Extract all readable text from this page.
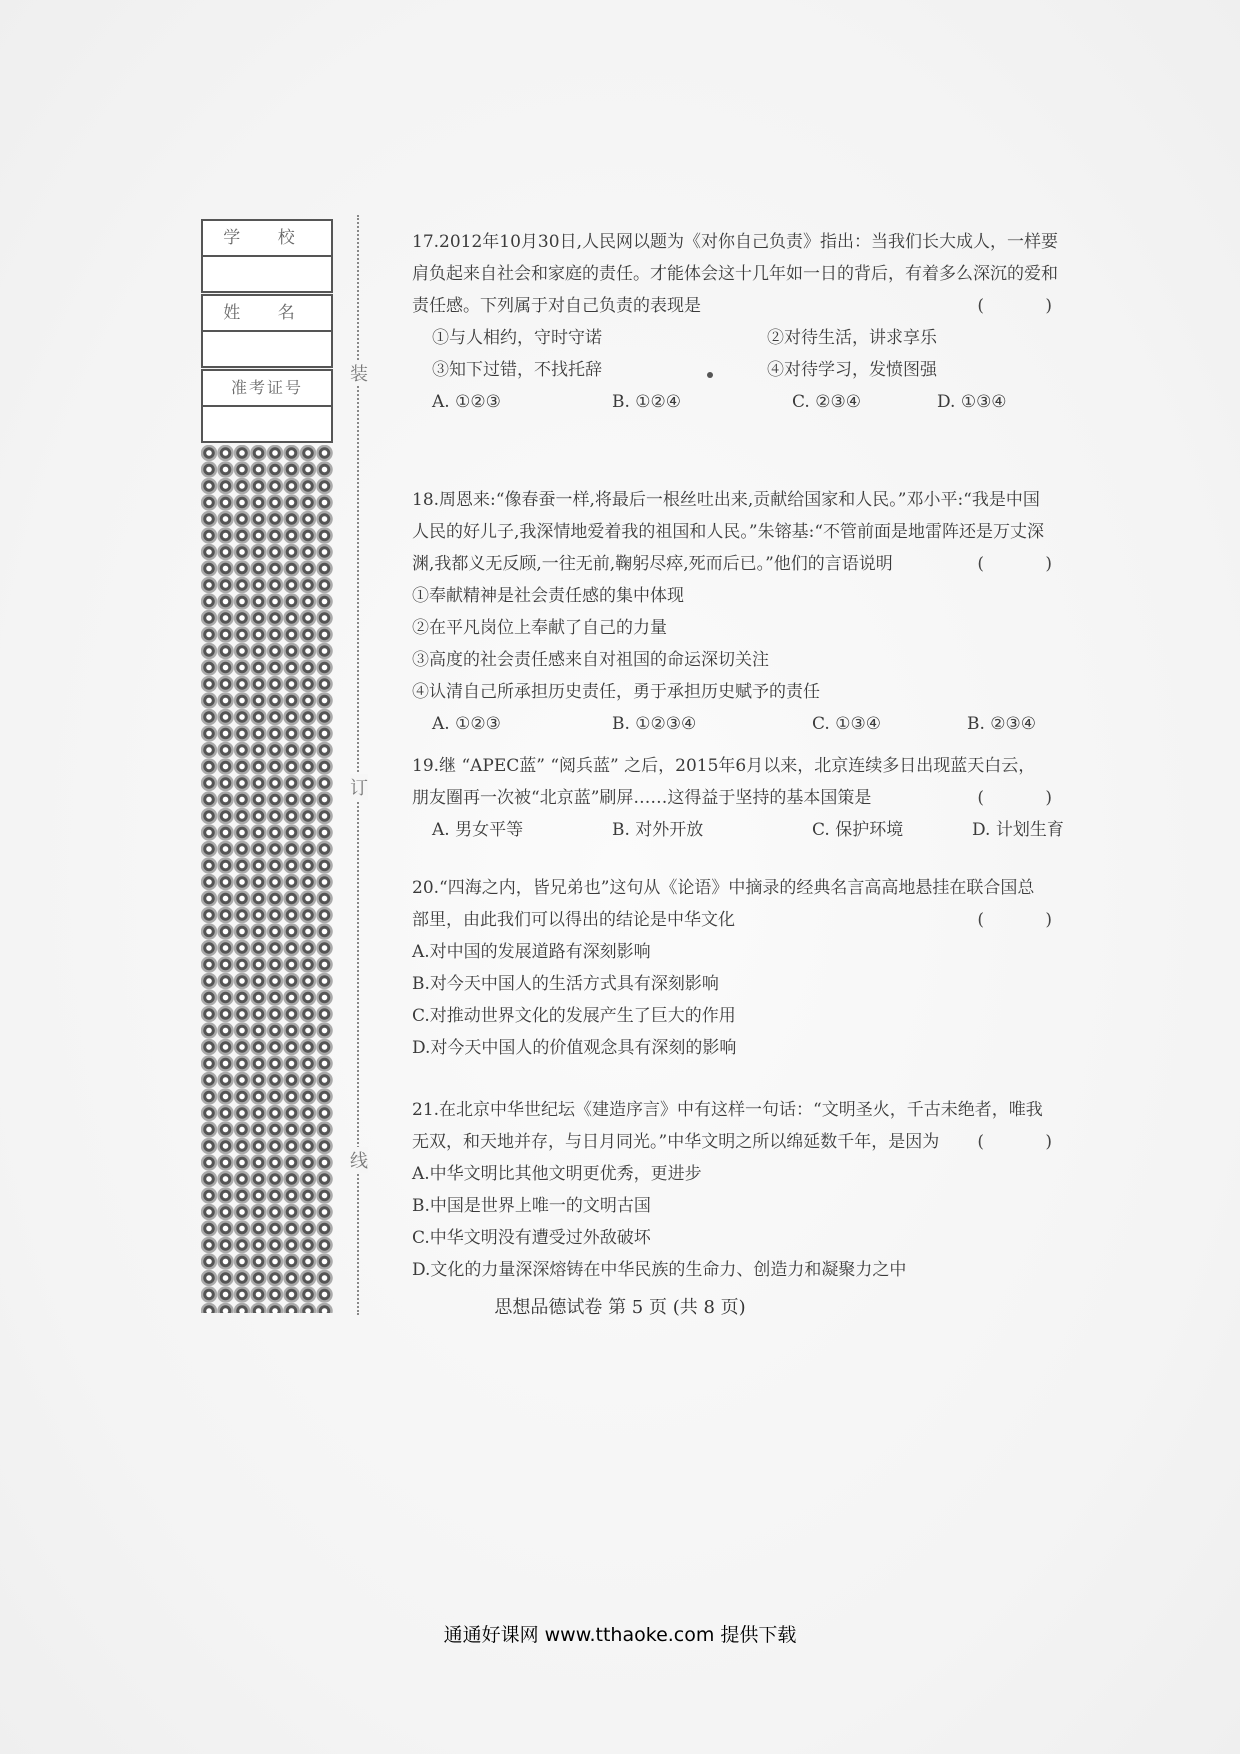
学 校
姓 名
准考证号
装
订
线

17.2012年10月30日,人民网以题为《对你自己负责》指出：当我们长大成人，一样要

肩负起来自社会和家庭的责任。才能体会这十几年如一日的背后，有着多么深沉的爱和

责任感。下列属于对自己负责的表现是	( )

①与人相约，守时守诺	②对待生活，讲求享乐
③知下过错，不找托辞	④对待学习，发愤图强
A. ①②③	B. ①②④	C. ②③④	D. ①③④

18.周恩来:“像春蚕一样,将最后一根丝吐出来,贡献给国家和人民。”邓小平:“我是中国

人民的好儿子,我深情地爱着我的祖国和人民。”朱镕基:“不管前面是地雷阵还是万丈深

渊,我都义无反顾,一往无前,鞠躬尽瘁,死而后已。”他们的言语说明	( )

①奉献精神是社会责任感的集中体现

②在平凡岗位上奉献了自己的力量

③高度的社会责任感来自对祖国的命运深切关注

④认清自己所承担历史责任，勇于承担历史赋予的责任

A. ①②③	B. ①②③④	C. ①③④	B. ②③④

19.继 “APEC蓝” “阅兵蓝” 之后，2015年6月以来，北京连续多日出现蓝天白云，

朋友圈再一次被“北京蓝”刷屏……这得益于坚持的基本国策是	( )

A. 男女平等	B. 对外开放	C. 保护环境	D. 计划生育

20.“四海之内，皆兄弟也”这句从《论语》中摘录的经典名言高高地悬挂在联合国总

部里，由此我们可以得出的结论是中华文化	( )

A.对中国的发展道路有深刻影响

B.对今天中国人的生活方式具有深刻影响

C.对推动世界文化的发展产生了巨大的作用

D.对今天中国人的价值观念具有深刻的影响

21.在北京中华世纪坛《建造序言》中有这样一句话：“文明圣火，千古未绝者，唯我

无双，和天地并存，与日月同光。”中华文明之所以绵延数千年，是因为 ( )

A.中华文明比其他文明更优秀，更进步

B.中国是世界上唯一的文明古国

C.中华文明没有遭受过外敌破坏

D.文化的力量深深熔铸在中华民族的生命力、创造力和凝聚力之中

思想品德试卷 第 5 页 (共 8 页)
通通好课网 www.tthaoke.com 提供下载
